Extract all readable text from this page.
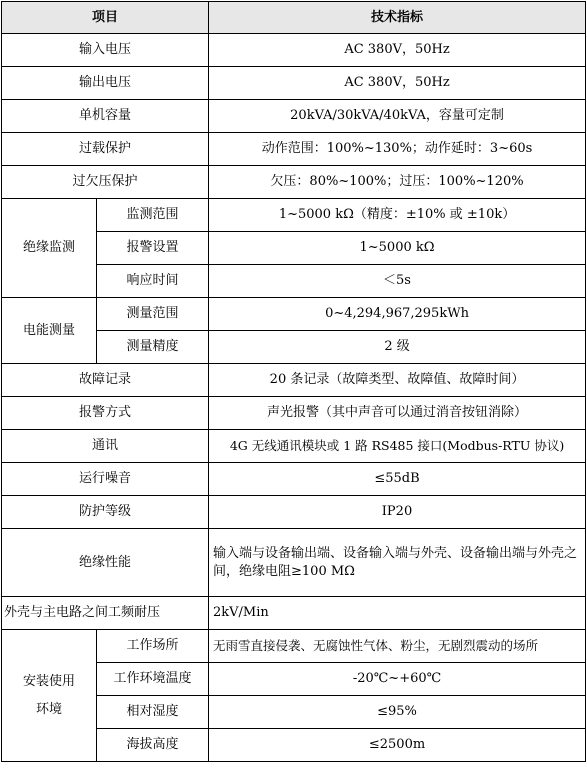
项目		技术指标
输入电压		AC 380V，50Hz
输出电压		AC 380V，50Hz
单机容量		20kVA/30kVA/40kVA，容量可定制
过载保护		动作范围：100%~130%；动作延时：3~60s
过欠压保护		欠压：80%~100%；过压：100%~120%
绝缘监测	监测范围	1~5000 kΩ（精度：±10% 或 ±10k）
	报警设置	1~5000 kΩ
	响应时间	＜5s
电能测量	测量范围	0~4,294,967,295kWh
	测量精度	2 级
故障记录		20 条记录（故障类型、故障值、故障时间）
报警方式		声光报警（其中声音可以通过消音按钮消除）
通讯		4G 无线通讯模块或 1 路 RS485 接口(Modbus-RTU 协议)
运行噪音		≤55dB
防护等级		IP20
绝缘性能		输入端与设备输出端、设备输入端与外壳、设备输出端与外壳之间，绝缘电阻≥100 MΩ
外壳与主电路之间工频耐压		2kV/Min
安装使用环境	工作场所	无雨雪直接侵袭、无腐蚀性气体、粉尘，无剧烈震动的场所
	工作环境温度	-20℃~+60℃
	相对湿度	≤95%
	海拔高度	≤2500m
